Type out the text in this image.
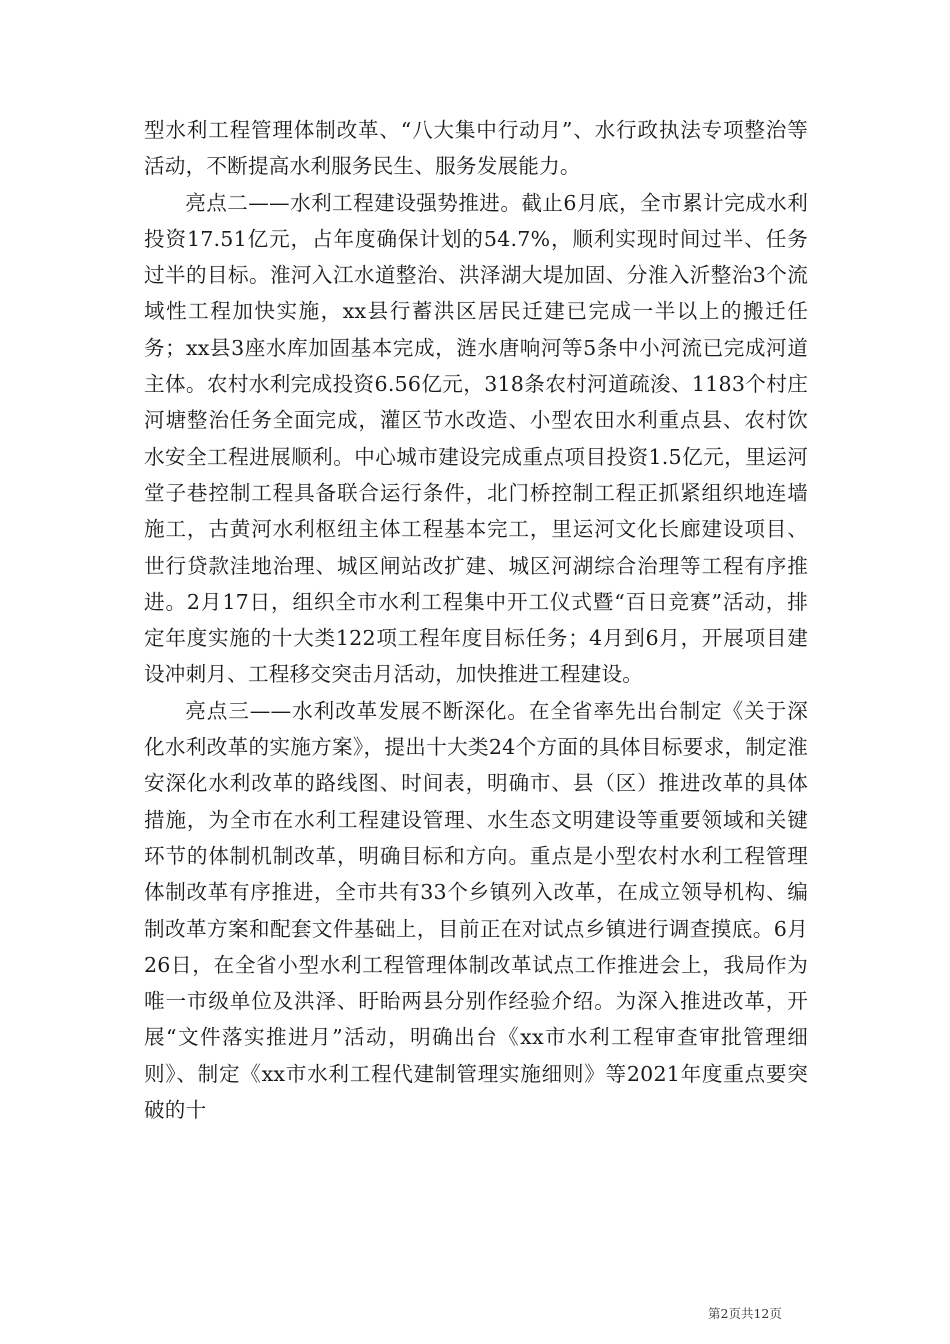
型水利工程管理体制改革、“八大集中行动月”、水行政执法专项整治等活动，不断提高水利服务民生、服务发展能力。

亮点二——水利工程建设强势推进。截止6月底，全市累计完成水利投资17.51亿元，占年度确保计划的54.7%，顺利实现时间过半、任务过半的目标。淮河入江水道整治、洪泽湖大堤加固、分淮入沂整治3个流域性工程加快实施，xx县行蓄洪区居民迁建已完成一半以上的搬迁任务；xx县3座水库加固基本完成，涟水唐响河等5条中小河流已完成河道主体。农村水利完成投资6.56亿元，318条农村河道疏浚、1183个村庄河塘整治任务全面完成，灌区节水改造、小型农田水利重点县、农村饮水安全工程进展顺利。中心城市建设完成重点项目投资1.5亿元，里运河堂子巷控制工程具备联合运行条件，北门桥控制工程正抓紧组织地连墙施工，古黄河水利枢纽主体工程基本完工，里运河文化长廊建设项目、世行贷款洼地治理、城区闸站改扩建、城区河湖综合治理等工程有序推进。2月17日，组织全市水利工程集中开工仪式暨“百日竞赛”活动，排定年度实施的十大类122项工程年度目标任务；4月到6月，开展项目建设冲刺月、工程移交突击月活动，加快推进工程建设。

亮点三——水利改革发展不断深化。在全省率先出台制定《关于深化水利改革的实施方案》，提出十大类24个方面的具体目标要求，制定淮安深化水利改革的路线图、时间表，明确市、县（区）推进改革的具体措施，为全市在水利工程建设管理、水生态文明建设等重要领域和关键环节的体制机制改革，明确目标和方向。重点是小型农村水利工程管理体制改革有序推进，全市共有33个乡镇列入改革，在成立领导机构、编制改革方案和配套文件基础上，目前正在对试点乡镇进行调查摸底。6月26日，在全省小型水利工程管理体制改革试点工作推进会上，我局作为唯一市级单位及洪泽、盱眙两县分别作经验介绍。为深入推进改革，开展“文件落实推进月”活动，明确出台《xx市水利工程审查审批管理细则》、制定《xx市水利工程代建制管理实施细则》等2021年度重点要突破的十

第2页共12页
